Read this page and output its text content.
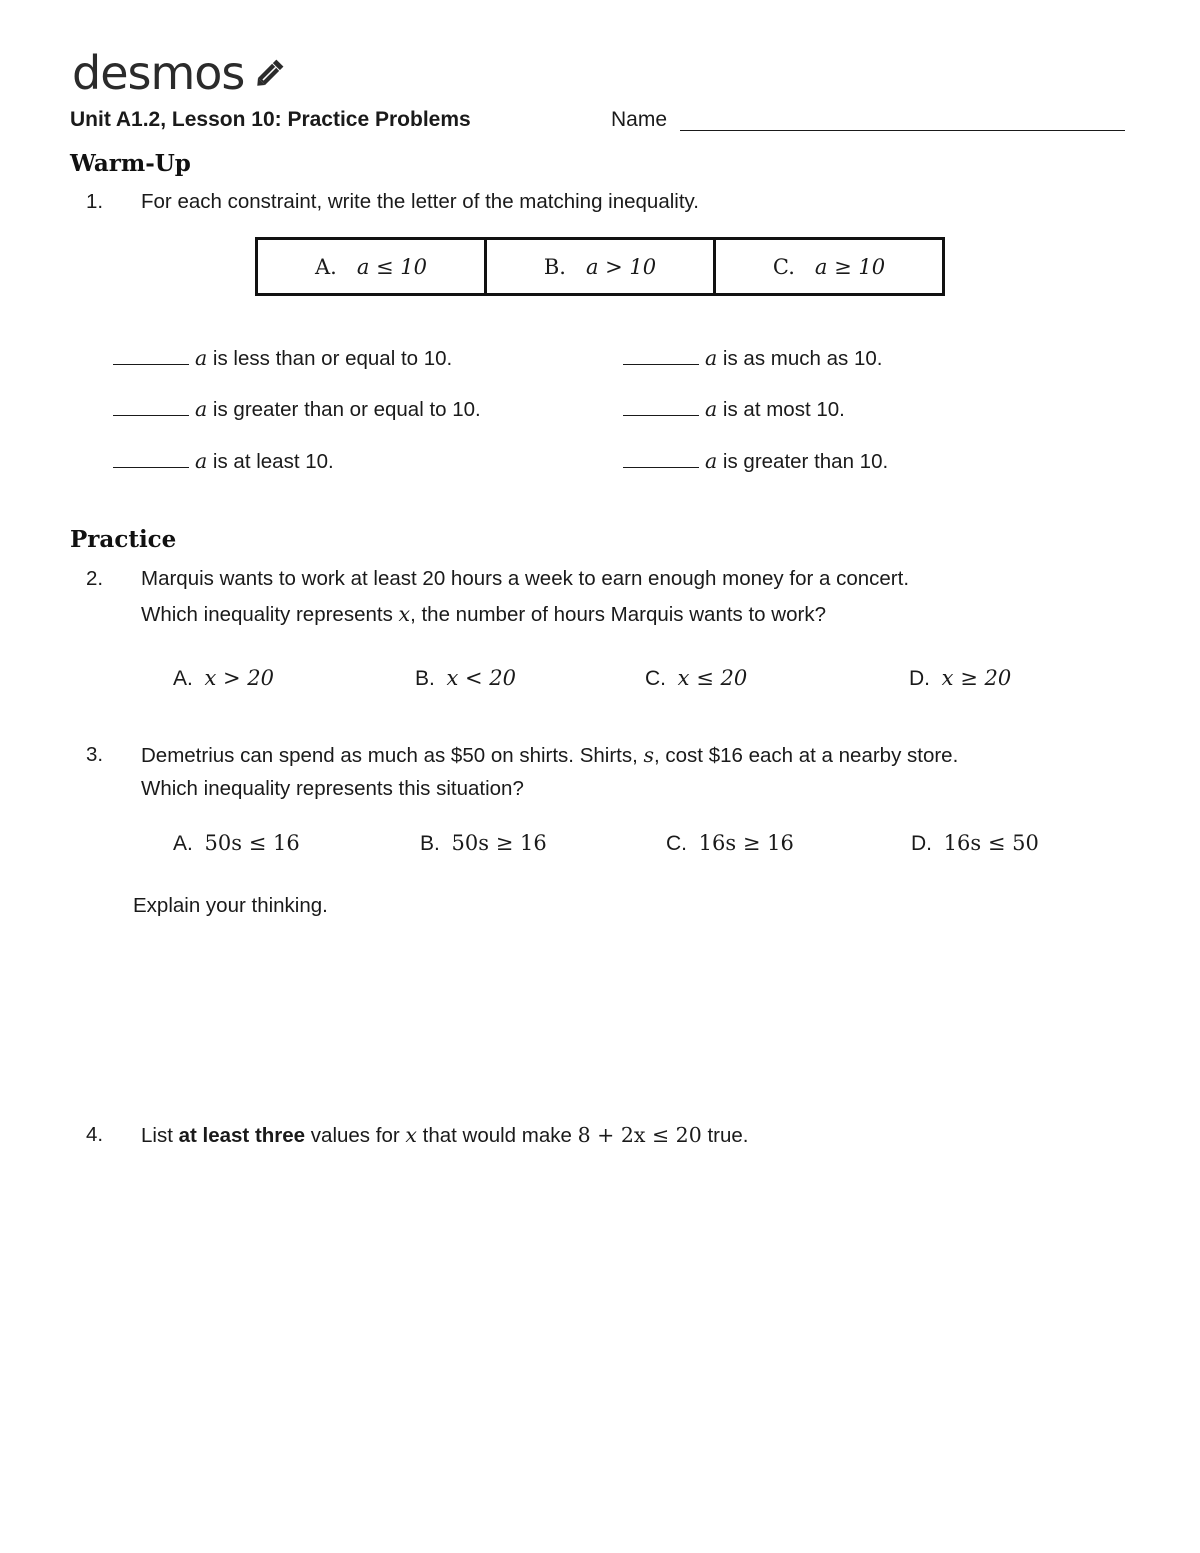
desmos
Unit A1.2, Lesson 10: Practice Problems	Name
Warm-Up
1. For each constraint, write the letter of the matching inequality.
A. a ≤ 10	B. a > 10	C. a ≥ 10
a is less than or equal to 10.	a is as much as 10.
a is greater than or equal to 10.	a is at most 10.
a is at least 10.	a is greater than 10.
Practice
2. Marquis wants to work at least 20 hours a week to earn enough money for a concert.
Which inequality represents x, the number of hours Marquis wants to work?
A. x > 20	B. x < 20	C. x ≤ 20	D. x ≥ 20
3. Demetrius can spend as much as $50 on shirts. Shirts, s, cost $16 each at a nearby store.
Which inequality represents this situation?
A. 50s ≤ 16	B. 50s ≥ 16	C. 16s ≥ 16	D. 16s ≤ 50
Explain your thinking.
4. List at least three values for x that would make 8 + 2x ≤ 20 true.
